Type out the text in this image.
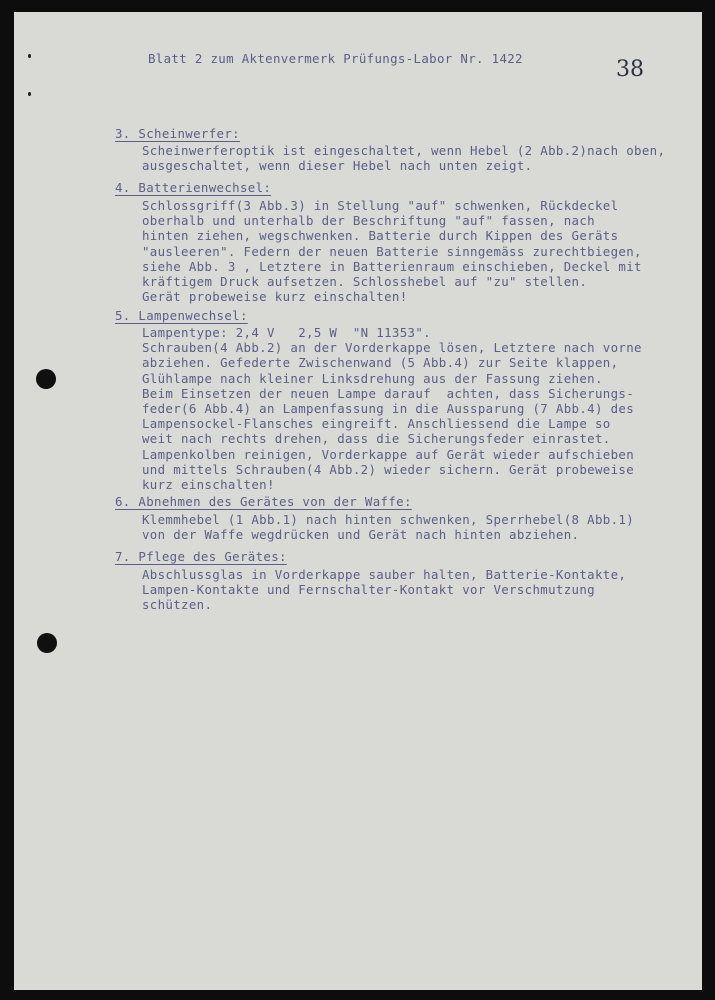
Blatt 2 zum Aktenvermerk Prüfungs-Labor Nr. 1422	38
3. Scheinwerfer:
Scheinwerferoptik ist eingeschaltet, wenn Hebel (2 Abb.2)nach oben,
ausgeschaltet, wenn dieser Hebel nach unten zeigt.
4. Batterienwechsel:
Schlossgriff(3 Abb.3) in Stellung "auf" schwenken, Rückdeckel
oberhalb und unterhalb der Beschriftung "auf" fassen, nach
hinten ziehen, wegschwenken. Batterie durch Kippen des Geräts
"ausleeren". Federn der neuen Batterie sinngemäss zurechtbiegen,
siehe Abb. 3 , Letztere in Batterienraum einschieben, Deckel mit
kräftigem Druck aufsetzen. Schlosshebel auf "zu" stellen.
Gerät probeweise kurz einschalten!
5. Lampenwechsel:
Lampentype: 2,4 V   2,5 W  "N 11353".
Schrauben(4 Abb.2) an der Vorderkappe lösen, Letztere nach vorne
abziehen. Gefederte Zwischenwand (5 Abb.4) zur Seite klappen,
Glühlampe nach kleiner Linksdrehung aus der Fassung ziehen.
Beim Einsetzen der neuen Lampe darauf  achten, dass Sicherungs-
feder(6 Abb.4) an Lampenfassung in die Aussparung (7 Abb.4) des
Lampensockel-Flansches eingreift. Anschliessend die Lampe so
weit nach rechts drehen, dass die Sicherungsfeder einrastet.
Lampenkolben reinigen, Vorderkappe auf Gerät wieder aufschieben
und mittels Schrauben(4 Abb.2) wieder sichern. Gerät probeweise
kurz einschalten!
6. Abnehmen des Gerätes von der Waffe:
Klemmhebel (1 Abb.1) nach hinten schwenken, Sperrhebel(8 Abb.1)
von der Waffe wegdrücken und Gerät nach hinten abziehen.
7. Pflege des Gerätes:
Abschlussglas in Vorderkappe sauber halten, Batterie-Kontakte,
Lampen-Kontakte und Fernschalter-Kontakt vor Verschmutzung
schützen.
